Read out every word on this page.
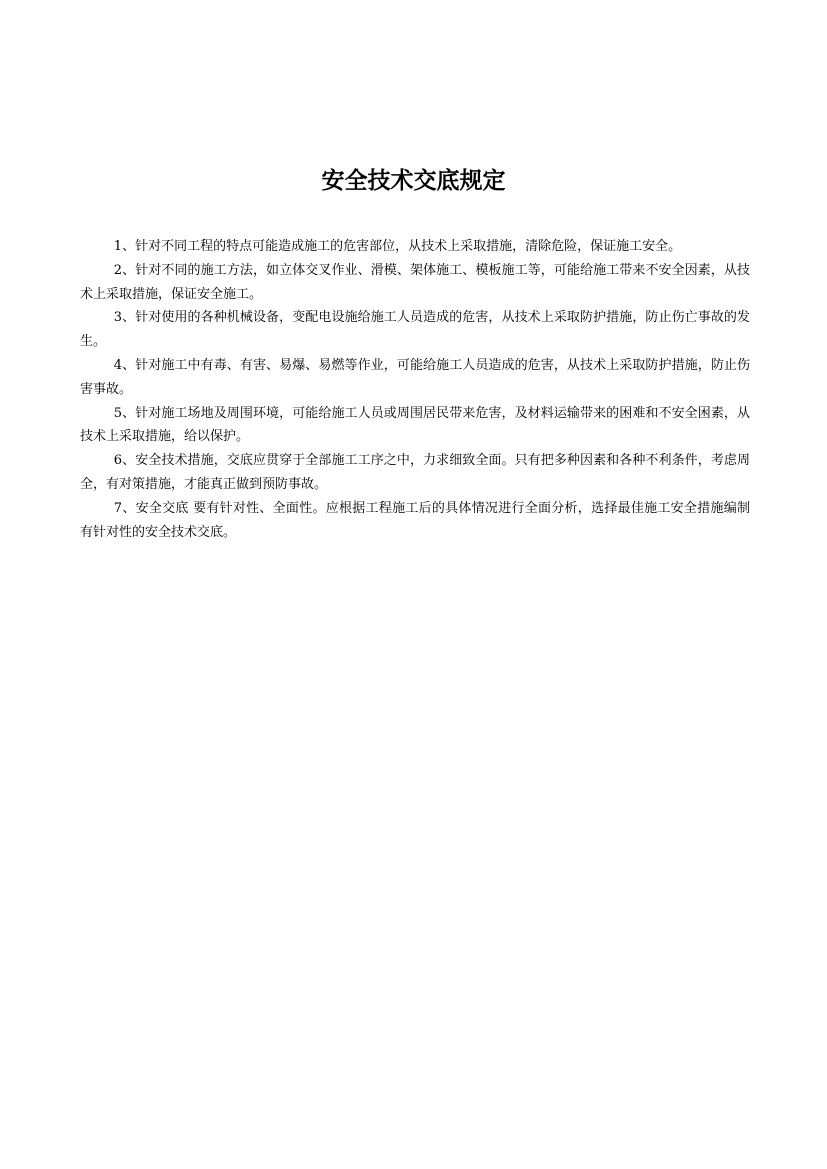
安全技术交底规定

1、针对不同工程的特点可能造成施工的危害部位，从技术上采取措施，清除危险，保证施工安全。

2、针对不同的施工方法，如立体交叉作业、滑模、架体施工、模板施工等，可能给施工带来不安全因素，从技术上采取措施，保证安全施工。

3、针对使用的各种机械设备，变配电设施给施工人员造成的危害，从技术上采取防护措施，防止伤亡事故的发生。

4、针对施工中有毒、有害、易爆、易燃等作业，可能给施工人员造成的危害，从技术上采取防护措施，防止伤害事故。

5、针对施工场地及周围环境，可能给施工人员或周围居民带来危害，及材料运输带来的困难和不安全困素，从技术上采取措施，给以保护。

6、安全技术措施，交底应贯穿于全部施工工序之中，力求细致全面。只有把多种因素和各种不利条件，考虑周全，有对策措施，才能真正做到预防事故。

7、安全交底 要有针对性、全面性。应根据工程施工后的具体情况进行全面分析，选择最佳施工安全措施编制有针对性的安全技术交底。
